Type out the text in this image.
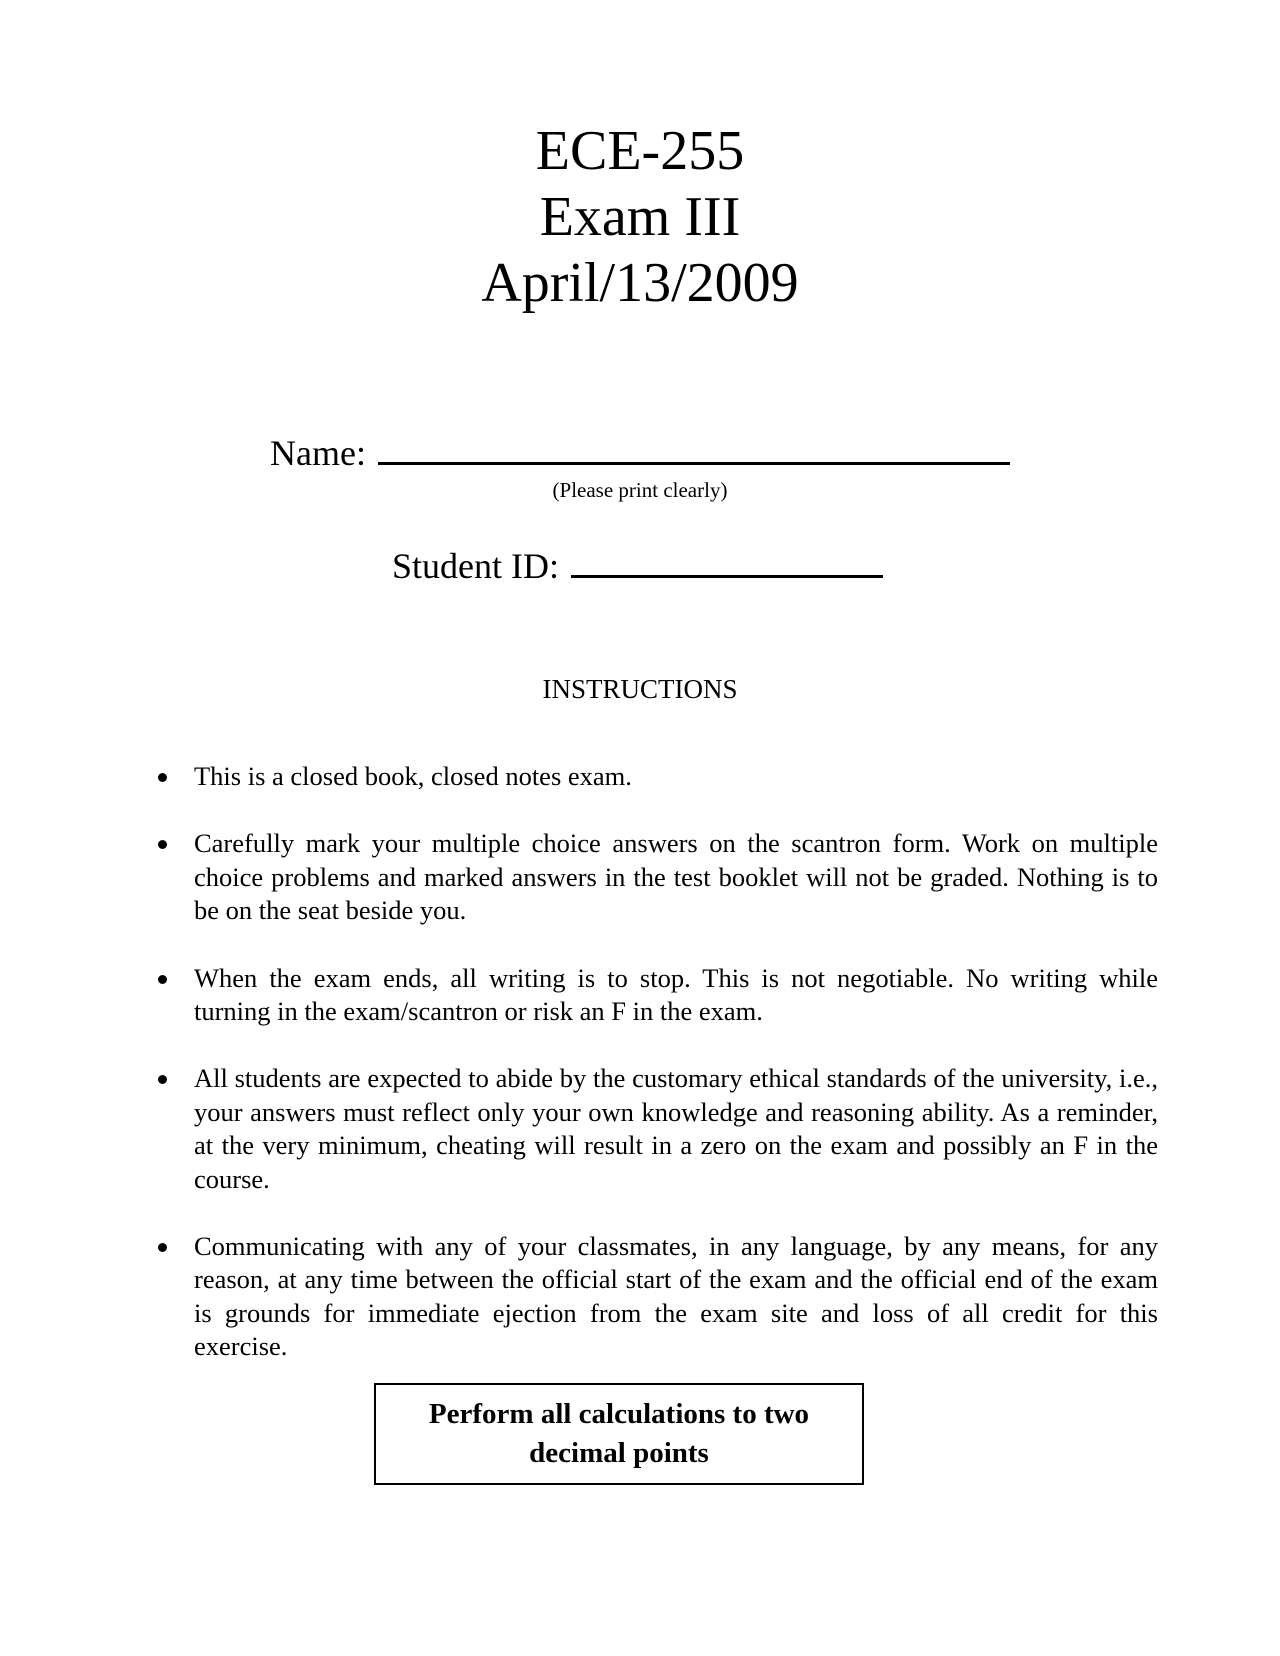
ECE-255
Exam III
April/13/2009
Name:
(Please print clearly)
Student ID:
INSTRUCTIONS
This is a closed book, closed notes exam.
Carefully mark your multiple choice answers on the scantron form. Work on multiple choice problems and marked answers in the test booklet will not be graded. Nothing is to be on the seat beside you.
When the exam ends, all writing is to stop. This is not negotiable. No writing while turning in the exam/scantron or risk an F in the exam.
All students are expected to abide by the customary ethical standards of the university, i.e., your answers must reflect only your own knowledge and reasoning ability. As a reminder, at the very minimum, cheating will result in a zero on the exam and possibly an F in the course.
Communicating with any of your classmates, in any language, by any means, for any reason, at any time between the official start of the exam and the official end of the exam is grounds for immediate ejection from the exam site and loss of all credit for this exercise.
Perform all calculations to two decimal points
